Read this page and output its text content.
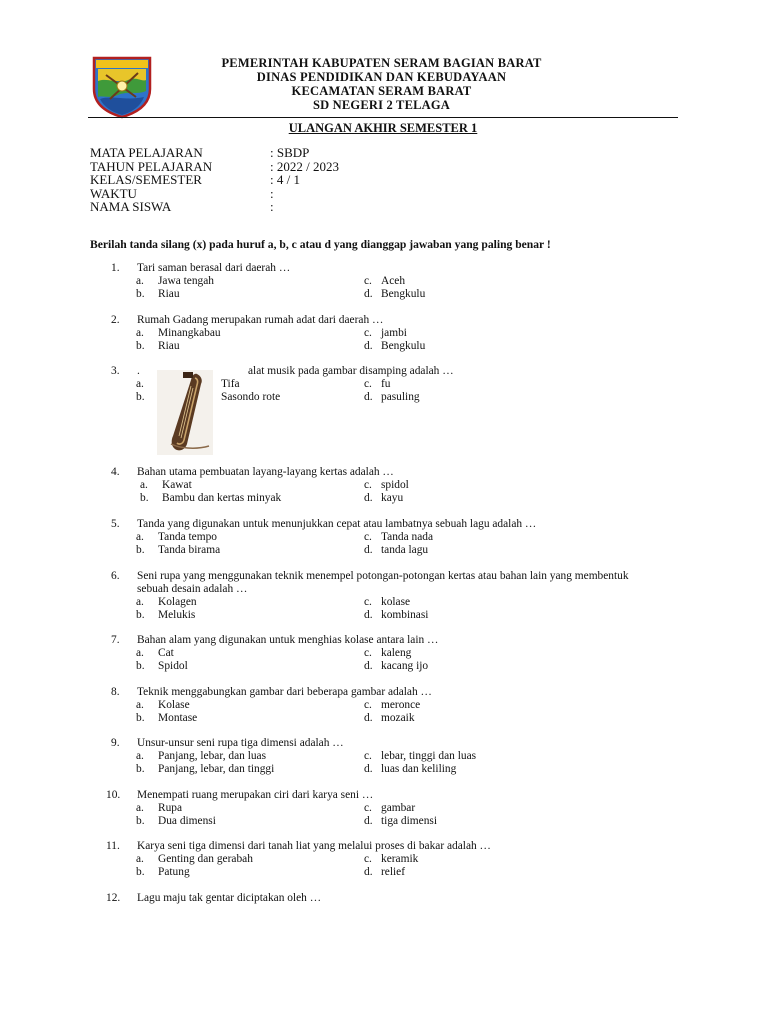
PEMERINTAH KABUPATEN SERAM BAGIAN BARAT
DINAS PENDIDIKAN DAN KEBUDAYAAN
KECAMATAN SERAM BARAT
SD NEGERI 2 TELAGA
ULANGAN AKHIR SEMESTER 1
MATA PELAJARAN	: SBDP
TAHUN PELAJARAN	: 2022 / 2023
KELAS/SEMESTER	: 4 / 1
WAKTU	:
NAMA SISWA	:
Berilah tanda silang (x) pada huruf a, b, c atau d yang dianggap jawaban yang paling benar !
1. Tari saman berasal dari daerah …
a. Jawa tengah
b. Riau
c. Aceh
d. Bengkulu
2. Rumah Gadang merupakan rumah adat dari daerah …
a. Minangkabau
b. Riau
c. jambi
d. Bengkulu
3. .	alat musik pada gambar disamping adalah …
a.	Tifa
b.	Sasondo rote
c. fu
d. pasuling
4. Bahan utama pembuatan layang-layang kertas adalah …
a. Kawat
b. Bambu dan kertas minyak
c. spidol
d. kayu
5. Tanda yang digunakan untuk menunjukkan cepat atau lambatnya sebuah lagu adalah …
a. Tanda tempo
b. Tanda birama
c. Tanda nada
d. tanda lagu
6. Seni rupa yang menggunakan teknik menempel potongan-potongan kertas atau bahan lain yang membentuk sebuah desain adalah …
a. Kolagen
b. Melukis
c. kolase
d. kombinasi
7. Bahan alam yang digunakan untuk menghias kolase antara lain …
a. Cat
b. Spidol
c. kaleng
d. kacang ijo
8. Teknik menggabungkan gambar dari beberapa gambar adalah …
a. Kolase
b. Montase
c. meronce
d. mozaik
9. Unsur-unsur seni rupa tiga dimensi adalah …
a. Panjang, lebar, dan luas
b. Panjang, lebar, dan tinggi
c. lebar, tinggi dan luas
d. luas dan keliling
10. Menempati ruang merupakan ciri dari karya seni …
a. Rupa
b. Dua dimensi
c. gambar
d. tiga dimensi
11. Karya seni tiga dimensi dari tanah liat yang melalui proses di bakar adalah …
a. Genting dan gerabah
b. Patung
c. keramik
d. relief
12. Lagu maju tak gentar diciptakan oleh …
